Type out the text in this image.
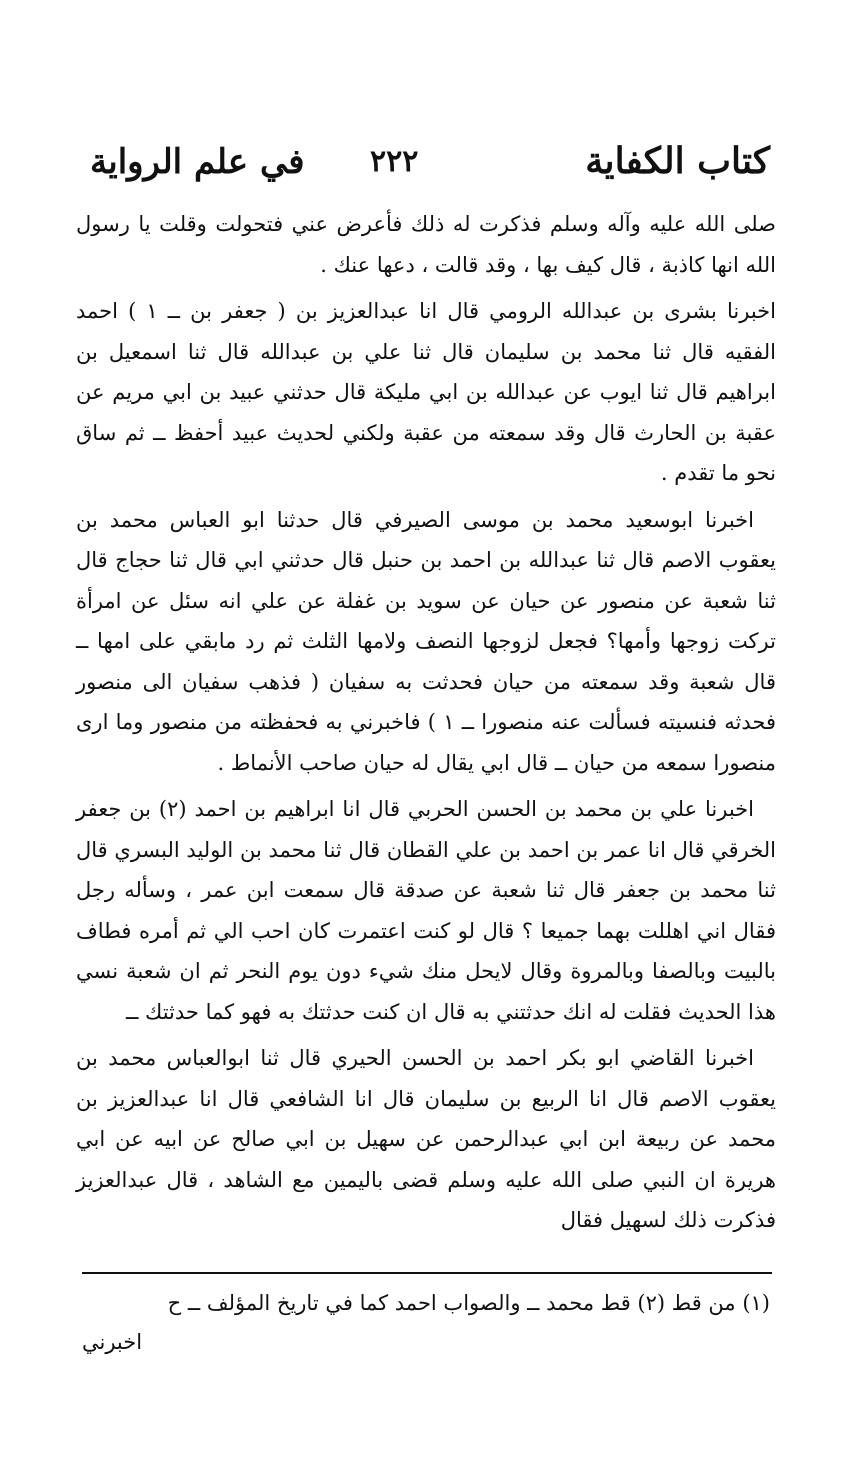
كتاب الكفاية
٢٢٢
في علم الرواية

صلى الله عليه وآله وسلم فذكرت له ذلك فأعرض عني فتحولت وقلت يا رسول الله انها كاذبة ، قال كيف بها ، وقد قالت ، دعها عنك .

اخبرنا بشرى بن عبدالله الرومي قال انا عبدالعزيز بن ( جعفر بن ــ ١ ) احمد الفقيه قال ثنا محمد بن سليمان قال ثنا علي بن عبدالله قال ثنا اسمعيل بن ابراهيم قال ثنا ايوب عن عبدالله بن ابي مليكة قال حدثني عبيد بن ابي مريم عن عقبة بن الحارث قال وقد سمعته من عقبة ولكني لحديث عبيد أحفظ ــ ثم ساق نحو ما تقدم .

اخبرنا ابوسعيد محمد بن موسى الصيرفي قال حدثنا ابو العباس محمد بن يعقوب الاصم قال ثنا عبدالله بن احمد بن حنبل قال حدثني ابي قال ثنا حجاج قال ثنا شعبة عن منصور عن حيان عن سويد بن غفلة عن علي انه سئل عن امرأة تركت زوجها وأمها؟ فجعل لزوجها النصف ولامها الثلث ثم رد مابقي على امها ــ قال شعبة وقد سمعته من حيان فحدثت به سفيان ( فذهب سفيان الى منصور فحدثه فنسيته فسألت عنه منصورا ــ ١ ) فاخبرني به فحفظته من منصور وما ارى منصورا سمعه من حيان ــ قال ابي يقال له حيان صاحب الأنماط .

اخبرنا علي بن محمد بن الحسن الحربي قال انا ابراهيم بن احمد (٢) بن جعفر الخرقي قال انا عمر بن احمد بن علي القطان قال ثنا محمد بن الوليد البسري قال ثنا محمد بن جعفر قال ثنا شعبة عن صدقة قال سمعت ابن عمر ، وسأله رجل فقال اني اهللت بهما جميعا ؟ قال لو كنت اعتمرت كان احب الي ثم أمره فطاف بالبيت وبالصفا وبالمروة وقال لايحل منك شيء دون يوم النحر ثم ان شعبة نسي هذا الحديث فقلت له انك حدثتني به قال ان كنت حدثتك به فهو كما حدثتك ــ

اخبرنا القاضي ابو بكر احمد بن الحسن الحيري قال ثنا ابوالعباس محمد بن يعقوب الاصم قال انا الربيع بن سليمان قال انا الشافعي قال انا عبدالعزيز بن محمد عن ربيعة ابن ابي عبدالرحمن عن سهيل بن ابي صالح عن ابيه عن ابي هريرة ان النبي صلى الله عليه وسلم قضى باليمين مع الشاهد ، قال عبدالعزيز فذكرت ذلك لسهيل فقال

(١) من قط (٢) قط محمد ــ والصواب احمد كما في تاريخ المؤلف ــ ح
اخبرني
